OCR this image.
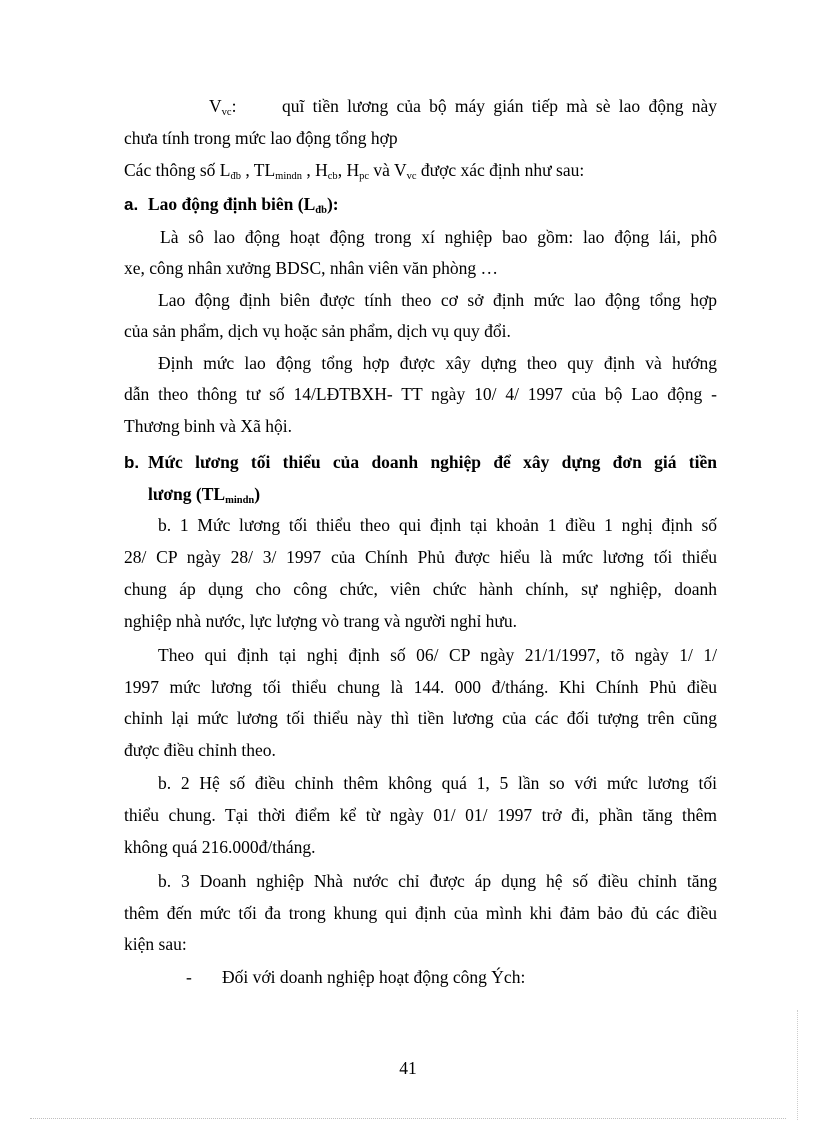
$V_{vc}$:	quĩ tiền lương của bộ máy gián tiếp mà sè lao động này
chưa tính trong mức lao động tổng hợp
Các thông số $L_{đb}$ , $TL_{mindn}$ , $H_{cb}$, $H_{pc}$ và $V_{vc}$ được xác định như sau:
a. Lao động định biên $(L_{đb})$:
Là sô lao động hoạt động trong xí nghiệp bao gồm: lao động lái, phô
xe, công nhân xưởng BDSC, nhân viên văn phòng …
Lao động định biên được tính theo cơ sở định mức lao động tổng hợp
của sản phẩm, dịch vụ hoặc sản phẩm, dịch vụ quy đổi.
Định mức lao động tổng hợp được xây dựng theo quy định và hướng
dẫn theo thông tư số 14/LĐTBXH- TT ngày 10/ 4/ 1997 của bộ Lao động -
Thương binh và Xã hội.
b. Mức lương tối thiểu của doanh nghiệp để xây dựng đơn giá tiền
lương $(TL_{mindn})$
b. 1 Mức lương tối thiểu theo qui định tại khoản 1 điều 1 nghị định số
28/ CP ngày 28/ 3/ 1997 của Chính Phủ được hiểu là mức lương tối thiểu
chung áp dụng cho công chức, viên chức hành chính, sự nghiệp, doanh
nghiệp nhà nước, lực lượng vò trang và người nghỉ hưu.
Theo qui định tại nghị định số 06/ CP ngày 21/1/1997, tõ ngày 1/ 1/
1997 mức lương tối thiểu chung là 144. 000 đ/tháng. Khi Chính Phủ điều
chỉnh lại mức lương tối thiểu này thì tiền lương của các đối tượng trên cũng
được điều chỉnh theo.
b. 2 Hệ số điều chỉnh thêm không quá 1, 5 lần so với mức lương tối
thiểu chung. Tại thời điểm kể từ ngày 01/ 01/ 1997 trở đi, phần tăng thêm
không quá 216.000đ/tháng.
b. 3 Doanh nghiệp Nhà nước chỉ được áp dụng hệ số điều chỉnh tăng
thêm đến mức tối đa trong khung qui định của mình khi đảm bảo đủ các điều
kiện sau:
- Đối với doanh nghiệp hoạt động công Ých:
41
